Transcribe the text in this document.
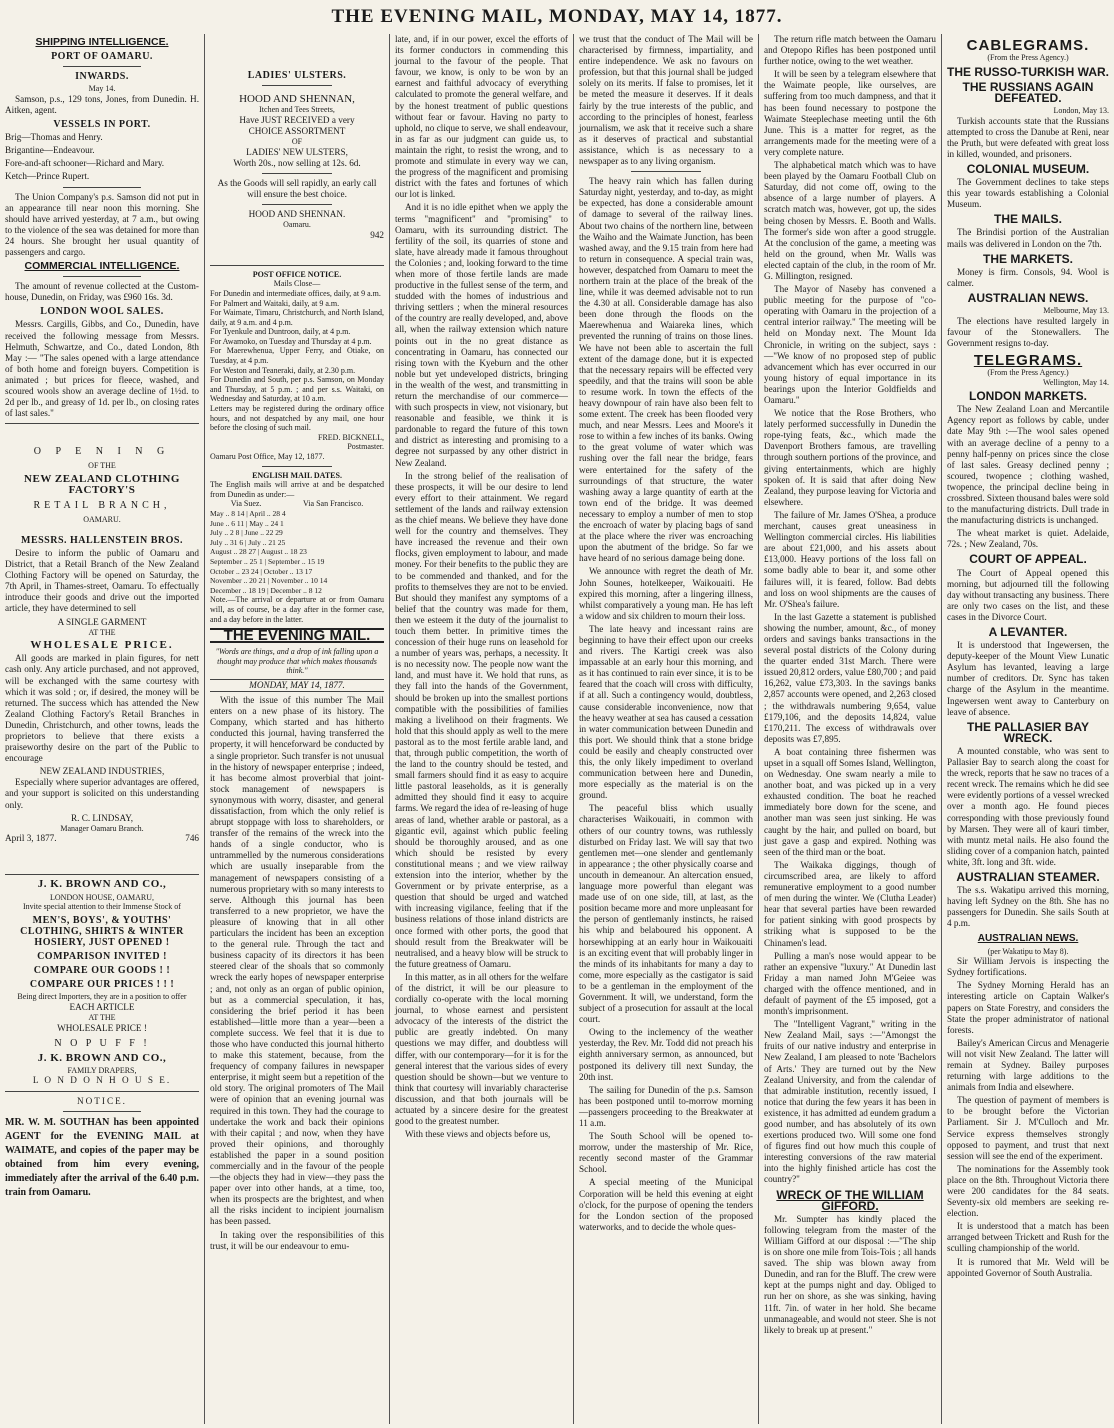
THE EVENING MAIL, MONDAY, MAY 14, 1877.
SHIPPING INTELLIGENCE.
PORT OF OAMARU.
INWARDS.
May 14.

Samson, p.s., 129 tons, Jones, from Dunedin. H. Aitken, agent.

VESSELS IN PORT.

Brig—Thomas and Henry.

Brigantine—Endeavour.

Fore-and-aft schooner—Richard and Mary.

Ketch—Prince Rupert.

The Union Company's p.s. Samson did not put in an appearance till near noon this morning. She should have arrived yesterday, at 7 a.m., but owing to the violence of the sea was detained for more than 24 hours. She brought her usual quantity of passengers and cargo.

COMMERCIAL INTELLIGENCE.

The amount of revenue collected at the Custom-house, Dunedin, on Friday, was £960 16s. 3d.

LONDON WOOL SALES.

Messrs. Cargills, Gibbs, and Co., Dunedin, have received the following message from Messrs. Helmuth, Schwartze, and Co., dated London, 8th May :— "The sales opened with a large attendance of both home and foreign buyers. Competition is animated ; but prices for fleece, washed, and scoured wools show an average decline of 1½d. to 2d per lb., and greasy of 1d. per lb., on closing rates of last sales."

O P E N I N G
OF THE
NEW ZEALAND CLOTHING FACTORY'S
RETAIL BRANCH,
OAMARU.
MESSRS. HALLENSTEIN BROS.

Desire to inform the public of Oamaru and District, that a Retail Branch of the New Zealand Clothing Factory will be opened on Saturday, the 7th April, in Thames-street, Oamaru. To effectually introduce their goods and drive out the imported article, they have determined to sell

A SINGLE GARMENT
AT THE
WHOLESALE PRICE.

All goods are marked in plain figures, for nett cash only. Any article purchased, and not approved, will be exchanged with the same courtesy with which it was sold ; or, if desired, the money will be returned. The success which has attended the New Zealand Clothing Factory's Retail Branches in Dunedin, Christchurch, and other towns, leads the proprietors to believe that there exists a praiseworthy desire on the part of the Public to encourage

NEW ZEALAND INDUSTRIES,

Especially where superior advantages are offered, and your support is solicited on this understanding only.

R. C. LINDSAY,
Manager Oamaru Branch.
April 3, 1877.	746
J. K. BROWN AND CO.,
LONDON HOUSE, OAMARU,
Invite special attention to their Immense Stock of
MEN'S, BOYS', & YOUTHS' CLOTHING, SHIRTS & WINTER HOSIERY, JUST OPENED !
COMPARISON INVITED !
COMPARE OUR GOODS ! !
COMPARE OUR PRICES ! ! !
Being direct Importers, they are in a position to offer
EACH ARTICLE
AT THE
WHOLESALE PRICE !
N O P U F F !
J. K. BROWN AND CO.,
FAMILY DRAPERS,
L O N D O N H O U S E.
NOTICE.

MR. W. M. SOUTHAN has been appointed AGENT for the EVENING MAIL at WAIMATE, and copies of the paper may be obtained from him every evening, immediately after the arrival of the 6.40 p.m. train from Oamaru.

LADIES' ULSTERS.
HOOD AND SHENNAN,
Itchen and Tees Streets,
Have JUST RECEIVED a very
CHOICE ASSORTMENT
OF
LADIES' NEW ULSTERS,
Worth 20s., now selling at 12s. 6d.

As the Goods will sell rapidly, an early call will ensure the best choice.

HOOD AND SHENNAN.
Oamaru.
942
POST OFFICE NOTICE.
Mails Close—
For Dunedin and intermediate offices, daily, at 9 a.m.
For Palmert and Waitaki, daily, at 9 a.m.
For Waimate, Timaru, Christchurch, and North Island, daily, at 9 a.m. and 4 p.m.
For Tyenkule and Duntroon, daily, at 4 p.m.
For Awamoko, on Tuesday and Thursday at 4 p.m.
For Maerewhenua, Upper Ferry, and Otiake, on Tuesday, at 4 p.m.
For Weston and Teaneraki, daily, at 2.30 p.m.
For Dunedin and South, per p.s. Samson, on Monday and Thursday, at 5 p.m. ; and per s.s. Waitaki, on Wednesday and Saturday, at 10 a.m.
Letters may be registered during the ordinary office hours, and not despatched by any mail, one hour before the closing of such mail.
FRED. BICKNELL,
Postmaster.
Oamaru Post Office, May 12, 1877.
ENGLISH MAIL DATES.
The English mails will arrive at and be despatched from Dunedin as under:—
Via Suez.	Via San Francisco.
May .. 8 14 | April .. 28 4
June .. 6 11 | May .. 24 1
July .. 2 8 | June .. 22 29
July .. 31 6 | July .. 21 25
August .. 28 27 | August .. 18 23
September .. 25 1 | September .. 15 19
October .. 23 24 | October .. 13 17
November .. 20 21 | November .. 10 14
December .. 18 19 | December .. 8 12
Note.—The arrival or departure at or from Oamaru will, as of course, be a day after in the former case, and a day before in the latter.
THE EVENING MAIL.
"Words are things, and a drop of ink falling upon a thought may produce that which makes thousands think."
MONDAY, MAY 14, 1877.

With the issue of this number The Mail enters on a new phase of its history. The Company, which started and has hitherto conducted this journal, having transferred the property, it will henceforward be conducted by a single proprietor. Such transfer is not unusual in the history of newspaper enterprise ; indeed, it has become almost proverbial that joint-stock management of newspapers is synonymous with worry, disaster, and general dissatisfaction, from which the only relief is abrupt stoppage with loss to shareholders, or transfer of the remains of the wreck into the hands of a single conductor, who is untrammelled by the numerous considerations which are usually inseparable from the management of newspapers consisting of a numerous proprietary with so many interests to serve. Although this journal has been transferred to a new proprietor, we have the pleasure of knowing that in all other particulars the incident has been an exception to the general rule. Through the tact and business capacity of its directors it has been steered clear of the shoals that so commonly wreck the early hopes of newspaper enterprise ; and, not only as an organ of public opinion, but as a commercial speculation, it has, considering the brief period it has been established—little more than a year—been a complete success. We feel that it is due to those who have conducted this journal hitherto to make this statement, because, from the frequency of company failures in newspaper enterprise, it might seem but a repetition of the old story. The original promoters of The Mail were of opinion that an evening journal was required in this town. They had the courage to undertake the work and back their opinions with their capital ; and now, when they have proved their opinions, and thoroughly established the paper in a sound position commercially and in the favour of the people—the objects they had in view—they pass the paper over into other hands, at a time, too, when its prospects are the brightest, and when all the risks incident to incipient journalism has been passed.

In taking over the responsibilities of this trust, it will be our endeavour to emu-

late, and, if in our power, excel the efforts of its former conductors in commending this journal to the favour of the people. That favour, we know, is only to be won by an earnest and faithful advocacy of everything calculated to promote the general welfare, and by the honest treatment of public questions without fear or favour. Having no party to uphold, no clique to serve, we shall endeavour, in as far as our judgment can guide us, to maintain the right, to resist the wrong, and to promote and stimulate in every way we can, the progress of the magnificent and promising district with the fates and fortunes of which our lot is linked.

And it is no idle epithet when we apply the terms "magnificent" and "promising" to Oamaru, with its surrounding district. The fertility of the soil, its quarries of stone and slate, have already made it famous throughout the Colonies ; and, looking forward to the time when more of those fertile lands are made productive in the fullest sense of the term, and studded with the homes of industrious and thriving settlers ; when the mineral resources of the country are really developed, and, above all, when the railway extension which nature points out in the no great distance as concentrating in Oamaru, has connected our rising town with the Kyeburn and the other noble but yet undeveloped districts, bringing in the wealth of the west, and transmitting in return the merchandise of our commerce—with such prospects in view, not visionary, but reasonable and feasible, we think it is pardonable to regard the future of this town and district as interesting and promising to a degree not surpassed by any other district in New Zealand.

In the strong belief of the realisation of these prospects, it will be our desire to lend every effort to their attainment. We regard settlement of the lands and railway extension as the chief means. We believe they have done well for the country and themselves. They have increased the revenue and their own flocks, given employment to labour, and made money. For their benefits to the public they are to be commended and thanked, and for the profits to themselves they are not to be envied. But should they manifest any symptoms of a belief that the country was made for them, then we esteem it the duty of the journalist to touch them better. In primitive times the concession of their huge runs on leasehold for a number of years was, perhaps, a necessity. It is no necessity now. The people now want the land, and must have it. We hold that runs, as they fall into the hands of the Government, should be broken up into the smallest portions compatible with the possibilities of families making a livelihood on their fragments. We hold that this should apply as well to the mere pastoral as to the most fertile arable land, and that, through public competition, the worth of the land to the country should be tested, and small farmers should find it as easy to acquire little pastoral leaseholds, as it is generally admitted they should find it easy to acquire farms. We regard the idea of re-leasing of huge areas of land, whether arable or pastoral, as a gigantic evil, against which public feeling should be thoroughly aroused, and as one which should be resisted by every constitutional means ; and we view railway extension into the interior, whether by the Government or by private enterprise, as a question that should be urged and watched with increasing vigilance, feeling that if the business relations of those inland districts are once formed with other ports, the good that should result from the Breakwater will be neutralised, and a heavy blow will be struck to the future greatness of Oamaru.

In this matter, as in all others for the welfare of the district, it will be our pleasure to cordially co-operate with the local morning journal, to whose earnest and persistent advocacy of the interests of the district the public are greatly indebted. On many questions we may differ, and doubtless will differ, with our contemporary—for it is for the general interest that the various sides of every question should be shown—but we venture to think that courtesy will invariably characterise discussion, and that both journals will be actuated by a sincere desire for the greatest good to the greatest number.

With these views and objects before us,

we trust that the conduct of The Mail will be characterised by firmness, impartiality, and entire independence. We ask no favours on profession, but that this journal shall be judged solely on its merits. If false to promises, let it be meted the measure it deserves. If it deals fairly by the true interests of the public, and according to the principles of honest, fearless journalism, we ask that it receive such a share as it deserves of practical and substantial assistance, which is as necessary to a newspaper as to any living organism.

The heavy rain which has fallen during Saturday night, yesterday, and to-day, as might be expected, has done a considerable amount of damage to several of the railway lines. About two chains of the northern line, between the Waiho and the Waimate Junction, has been washed away, and the 9.15 train from here had to return in consequence. A special train was, however, despatched from Oamaru to meet the northern train at the place of the break of the line, while it was deemed advisable not to run the 4.30 at all. Considerable damage has also been done through the floods on the Maerewhenua and Waiareka lines, which prevented the running of trains on those lines. We have not been able to ascertain the full extent of the damage done, but it is expected that the necessary repairs will be effected very speedily, and that the trains will soon be able to resume work. In town the effects of the heavy downpour of rain have also been felt to some extent. The creek has been flooded very much, and near Messrs. Lees and Moore's it rose to within a few inches of its banks. Owing to the great volume of water which was rushing over the fall near the bridge, fears were entertained for the safety of the surroundings of that structure, the water washing away a large quantity of earth at the town end of the bridge. It was deemed necessary to employ a number of men to stop the encroach of water by placing bags of sand at the place where the river was encroaching upon the abutment of the bridge. So far we have heard of no serious damage being done.

We announce with regret the death of Mr. John Sounes, hotelkeeper, Waikouaiti. He expired this morning, after a lingering illness, whilst comparatively a young man. He has left a widow and six children to mourn their loss.

The late heavy and incessant rains are beginning to have their effect upon our creeks and rivers. The Kartigi creek was also impassable at an early hour this morning, and as it has continued to rain ever since, it is to be feared that the coach will cross with difficulty, if at all. Such a contingency would, doubtless, cause considerable inconvenience, now that the heavy weather at sea has caused a cessation in water communication between Dunedin and this port. We should think that a stone bridge could be easily and cheaply constructed over this, the only likely impediment to overland communication between here and Dunedin, more especially as the material is on the ground.

The peaceful bliss which usually characterises Waikouaiti, in common with others of our country towns, was ruthlessly disturbed on Friday last. We will say that two gentlemen met—one slender and gentlemanly in appearance ; the other physically coarse and uncouth in demeanour. An altercation ensued, language more powerful than elegant was made use of on one side, till, at last, as the position became more and more unpleasant for the person of gentlemanly instincts, he raised his whip and belaboured his opponent. A horsewhipping at an early hour in Waikouaiti is an exciting event that will probably linger in the minds of its inhabitants for many a day to come, more especially as the castigator is said to be a gentleman in the employment of the Government. It will, we understand, form the subject of a prosecution for assault at the local court.

Owing to the inclemency of the weather yesterday, the Rev. Mr. Todd did not preach his eighth anniversary sermon, as announced, but postponed its delivery till next Sunday, the 20th inst.

The sailing for Dunedin of the p.s. Samson has been postponed until to-morrow morning—passengers proceeding to the Breakwater at 11 a.m.

The South School will be opened to-morrow, under the mastership of Mr. Rice, recently second master of the Grammar School.

A special meeting of the Municipal Corporation will be held this evening at eight o'clock, for the purpose of opening the tenders for the London section of the proposed waterworks, and to decide the whole ques-

The return rifle match between the Oamaru and Otepopo Rifles has been postponed until further notice, owing to the wet weather.

It will be seen by a telegram elsewhere that the Waimate people, like ourselves, are suffering from too much dampness, and that it has been found necessary to postpone the Waimate Steeplechase meeting until the 6th June. This is a matter for regret, as the arrangements made for the meeting were of a very complete nature.

The alphabetical match which was to have been played by the Oamaru Football Club on Saturday, did not come off, owing to the absence of a large number of players. A scratch match was, however, got up, the sides being chosen by Messrs. E. Booth and Walls. The former's side won after a good struggle. At the conclusion of the game, a meeting was held on the ground, when Mr. Walls was elected captain of the club, in the room of Mr. G. Millington, resigned.

The Mayor of Naseby has convened a public meeting for the purpose of "co-operating with Oamaru in the projection of a central interior railway." The meeting will be held on Monday next. The Mount Ida Chronicle, in writing on the subject, says :—"We know of no proposed step of public advancement which has ever occurred in our young history of equal importance in its bearings upon the Interior Goldfields and Oamaru."

We notice that the Rose Brothers, who lately performed successfully in Dunedin the rope-tying feats, &c., which made the Davenport Brothers famous, are travelling through southern portions of the province, and giving entertainments, which are highly spoken of. It is said that after doing New Zealand, they purpose leaving for Victoria and elsewhere.

The failure of Mr. James O'Shea, a produce merchant, causes great uneasiness in Wellington commercial circles. His liabilities are about £21,000, and his assets about £13,000. Heavy portions of the loss fall on some badly able to bear it, and some other failures will, it is feared, follow. Bad debts and loss on wool shipments are the causes of Mr. O'Shea's failure.

In the last Gazette a statement is published showing the number, amount, &c., of money orders and savings banks transactions in the several postal districts of the Colony during the quarter ended 31st March. There were issued 20,812 orders, value £80,700 ; and paid 16,262, value £73,303. In the savings banks 2,857 accounts were opened, and 2,263 closed ; the withdrawals numbering 9,654, value £179,106, and the deposits 14,824, value £170,211. The excess of withdrawals over deposits was £7,895.

A boat containing three fishermen was upset in a squall off Somes Island, Wellington, on Wednesday. One swam nearly a mile to another boat, and was picked up in a very exhausted condition. The boat he reached immediately bore down for the scene, and another man was seen just sinking. He was caught by the hair, and pulled on board, but just gave a gasp and expired. Nothing was seen of the third man or the boat.

The Waikaka diggings, though of circumscribed area, are likely to afford remunerative employment to a good number of men during the winter. We (Clutha Leader) hear that several parties have been rewarded for patient sinking with good prospects by striking what is supposed to be the Chinamen's lead.

Pulling a man's nose would appear to be rather an expensive "luxury." At Dunedin last Friday a man named John M'Geiee was charged with the offence mentioned, and in default of payment of the £5 imposed, got a month's imprisonment.

The "Intelligent Vagrant," writing in the New Zealand Mail, says :—"Amongst the fruits of our native industry and enterprise in New Zealand, I am pleased to note 'Bachelors of Arts.' They are turned out by the New Zealand University, and from the calendar of that admirable institution, recently issued, I notice that during the few years it has been in existence, it has admitted ad eundem gradum a good number, and has absolutely of its own exertions produced two. Will some one fond of figures find out how much this couple of interesting conversions of the raw material into the highly finished article has cost the country?"

WRECK OF THE WILLIAM GIFFORD.

Mr. Sumpter has kindly placed the following telegram from the master of the William Gifford at our disposal :—"The ship is on shore one mile from Tois-Tois ; all hands saved. The ship was blown away from Dunedin, and ran for the Bluff. The crew were kept at the pumps night and day. Obliged to run her on shore, as she was sinking, having 11ft. 7in. of water in her hold. She became unmanageable, and would not steer. She is not likely to break up at present."

CABLEGRAMS.
(From the Press Agency.)
THE RUSSO-TURKISH WAR.
THE RUSSIANS AGAIN DEFEATED.
London, May 13.

Turkish accounts state that the Russians attempted to cross the Danube at Reni, near the Pruth, but were defeated with great loss in killed, wounded, and prisoners.

COLONIAL MUSEUM.

The Government declines to take steps this year towards establishing a Colonial Museum.

THE MAILS.

The Brindisi portion of the Australian mails was delivered in London on the 7th.

THE MARKETS.

Money is firm. Consols, 94. Wool is calmer.

AUSTRALIAN NEWS.
Melbourne, May 13.

The elections have resulted largely in favour of the Stonewallers. The Government resigns to-day.

TELEGRAMS.
(From the Press Agency.)
Wellington, May 14.
LONDON MARKETS.

The New Zealand Loan and Mercantile Agency report as follows by cable, under date May 9th :—The wool sales opened with an average decline of a penny to a penny half-penny on prices since the close of last sales. Greasy declined penny ; scoured, twopence ; clothing washed, twopence, the principal decline being in crossbred. Sixteen thousand bales were sold to the manufacturing districts. Dull trade in the manufacturing districts is unchanged.

The wheat market is quiet. Adelaide, 72s. ; New Zealand, 70s.

COURT OF APPEAL.

The Court of Appeal opened this morning, but adjourned till the following day without transacting any business. There are only two cases on the list, and these cases in the Divorce Court.

A LEVANTER.

It is understood that Ingewersen, the deputy-keeper of the Mount View Lunatic Asylum has levanted, leaving a large number of creditors. Dr. Sync has taken charge of the Asylum in the meantime. Ingewersen went away to Canterbury on leave of absence.

THE PALLASIER BAY WRECK.

A mounted constable, who was sent to Pallasier Bay to search along the coast for the wreck, reports that he saw no traces of a recent wreck. The remains which he did see were evidently portions of a vessel wrecked over a month ago. He found pieces corresponding with those previously found by Marsen. They were all of kauri timber, with muntz metal nails. He also found the sliding cover of a companion hatch, painted white, 3ft. long and 3ft. wide.

AUSTRALIAN STEAMER.

The s.s. Wakatipu arrived this morning, having left Sydney on the 8th. She has no passengers for Dunedin. She sails South at 4 p.m.

AUSTRALIAN NEWS.
(per Wakatipu to May 8).

Sir William Jervois is inspecting the Sydney fortifications.

The Sydney Morning Herald has an interesting article on Captain Walker's papers on State Forestry, and considers the State the proper administrator of national forests.

Bailey's American Circus and Menagerie will not visit New Zealand. The latter will remain at Sydney. Bailey purposes returning with large additions to the animals from India and elsewhere.

The question of payment of members is to be brought before the Victorian Parliament. Sir J. M'Culloch and Mr. Service express themselves strongly opposed to payment, and trust that next session will see the end of the experiment.

The nominations for the Assembly took place on the 8th. Throughout Victoria there were 200 candidates for the 84 seats. Seventy-six old members are seeking re-election.

It is understood that a match has been arranged between Trickett and Rush for the sculling championship of the world.

It is rumored that Mr. Weld will be appointed Governor of South Australia.
